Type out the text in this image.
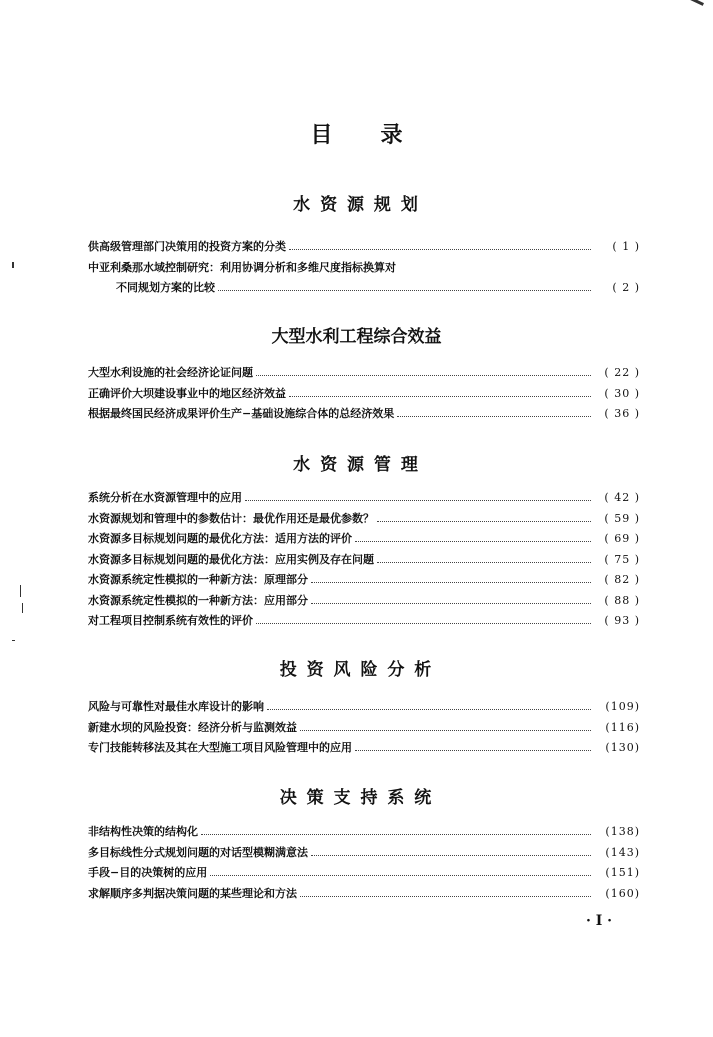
目录
水 资 源 规 划
供高级管理部门决策用的投资方案的分类	( 1 )
中亚利桑那水域控制研究：利用协调分析和多维尺度指标换算对
不同规划方案的比较	( 2 )
大型水利工程综合效益
大型水利设施的社会经济论证问题	( 22 )
正确评价大坝建设事业中的地区经济效益	( 30 )
根据最终国民经济成果评价生产−基础设施综合体的总经济效果	( 36 )
水 资 源 管 理
系统分析在水资源管理中的应用	( 42 )
水资源规划和管理中的参数估计：最优作用还是最优参数？	( 59 )
水资源多目标规划问题的最优化方法：适用方法的评价	( 69 )
水资源多目标规划问题的最优化方法：应用实例及存在问题	( 75 )
水资源系统定性模拟的一种新方法：原理部分	( 82 )
水资源系统定性模拟的一种新方法：应用部分	( 88 )
对工程项目控制系统有效性的评价	( 93 )
投 资 风 险 分 析
风险与可靠性对最佳水库设计的影响	(109)
新建水坝的风险投资：经济分析与监测效益	(116)
专门技能转移法及其在大型施工项目风险管理中的应用	(130)
决 策 支 持 系 统
非结构性决策的结构化	(138)
多目标线性分式规划问题的对话型模糊满意法	(143)
手段−目的决策树的应用	(151)
求解顺序多判据决策问题的某些理论和方法	(160)
· I ·
